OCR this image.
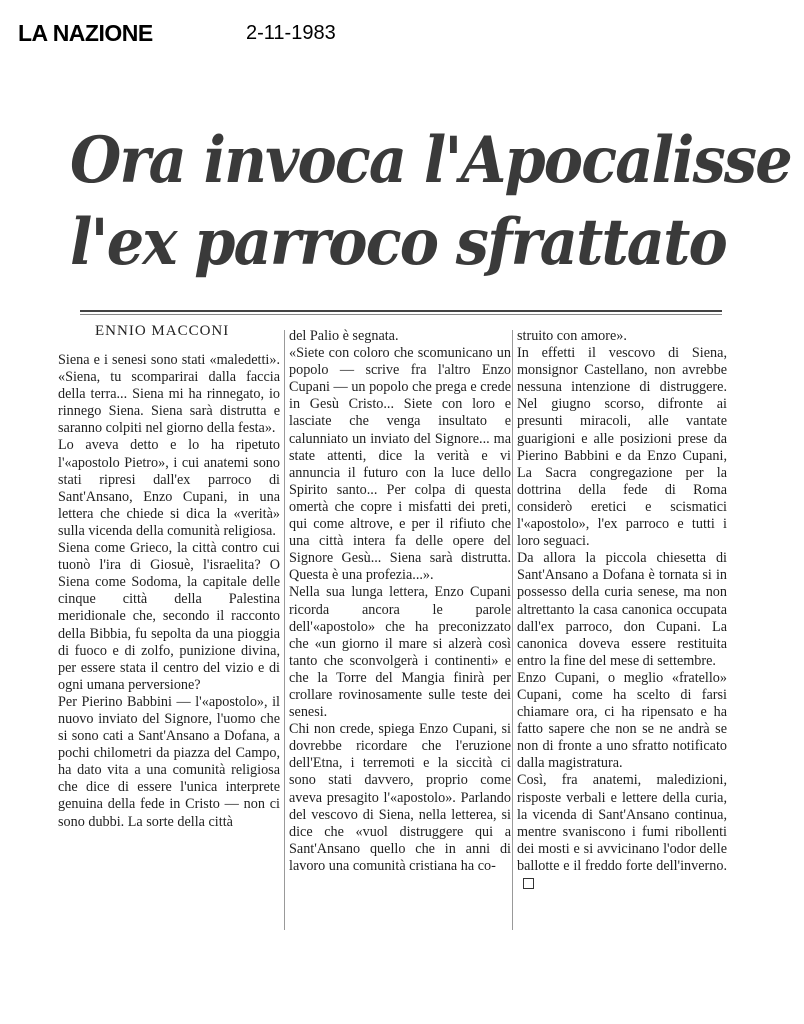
LA NAZIONE	2-11-1983
Ora invoca l'Apocalisse
l'ex parroco sfrattato
ENNIO MACCONI

Siena e i senesi sono stati «maledetti». «Siena, tu scomparirai dalla faccia della terra... Siena mi ha rinnegato, io rinnego Siena. Siena sarà distrutta e saranno colpiti nel giorno della festa».

Lo aveva detto e lo ha ripetuto l'«apostolo Pietro», i cui anatemi sono stati ripresi dall'ex parroco di Sant'Ansano, Enzo Cupani, in una lettera che chiede si dica la «verità» sulla vicenda della comunità religiosa.

Siena come Grieco, la città contro cui tuonò l'ira di Giosuè, l'israelita? O Siena come Sodoma, la capitale delle cinque città della Palestina meridionale che, secondo il racconto della Bibbia, fu sepolta da una pioggia di fuoco e di zolfo, punizione divina, per essere stata il centro del vizio e di ogni umana perversione?

Per Pierino Babbini — l'«apostolo», il nuovo inviato del Signore, l'uomo che si sono cati a Sant'Ansano a Dofana, a pochi chilometri da piazza del Campo, ha dato vita a una comunità religiosa che dice di essere l'unica interprete genuina della fede in Cristo — non ci sono dubbi. La sorte della città

del Palio è segnata.

«Siete con coloro che scomunicano un popolo — scrive fra l'altro Enzo Cupani — un popolo che prega e crede in Gesù Cristo... Siete con loro e lasciate che venga insultato e calunniato un inviato del Signore... ma state attenti, dice la verità e vi annuncia il futuro con la luce dello Spirito santo... Per colpa di questa omertà che copre i misfatti dei preti, qui come altrove, e per il rifiuto che una città intera fa delle opere del Signore Gesù... Siena sarà distrutta. Questa è una profezia...».

Nella sua lunga lettera, Enzo Cupani ricorda ancora le parole dell'«apostolo» che ha preconizzato che «un giorno il mare si alzerà così tanto che sconvolgerà i continenti» e che la Torre del Mangia finirà per crollare rovinosamente sulle teste dei senesi.

Chi non crede, spiega Enzo Cupani, si dovrebbe ricordare che l'eruzione dell'Etna, i terremoti e la siccità ci sono stati davvero, proprio come aveva presagito l'«apostolo». Parlando del vescovo di Siena, nella letterea, si dice che «vuol distruggere qui a Sant'Ansano quello che in anni di lavoro una comunità cristiana ha co-

struito con amore».

In effetti il vescovo di Siena, monsignor Castellano, non avrebbe nessuna intenzione di distruggere. Nel giugno scorso, difronte ai presunti miracoli, alle vantate guarigioni e alle posizioni prese da Pierino Babbini e da Enzo Cupani, La Sacra congregazione per la dottrina della fede di Roma considerò eretici e scismatici l'«apostolo», l'ex parroco e tutti i loro seguaci.

Da allora la piccola chiesetta di Sant'Ansano a Dofana è tornata si in possesso della curia senese, ma non altrettanto la casa canonica occupata dall'ex parroco, don Cupani. La canonica doveva essere restituita entro la fine del mese di settembre.

Enzo Cupani, o meglio «fratello» Cupani, come ha scelto di farsi chiamare ora, ci ha ripensato e ha fatto sapere che non se ne andrà se non di fronte a uno sfratto notificato dalla magistratura.

Così, fra anatemi, maledizioni, risposte verbali e lettere della curia, la vicenda di Sant'Ansano continua, mentre svaniscono i fumi ribollenti dei mosti e si avvicinano l'odor delle ballotte e il freddo forte dell'inverno.
